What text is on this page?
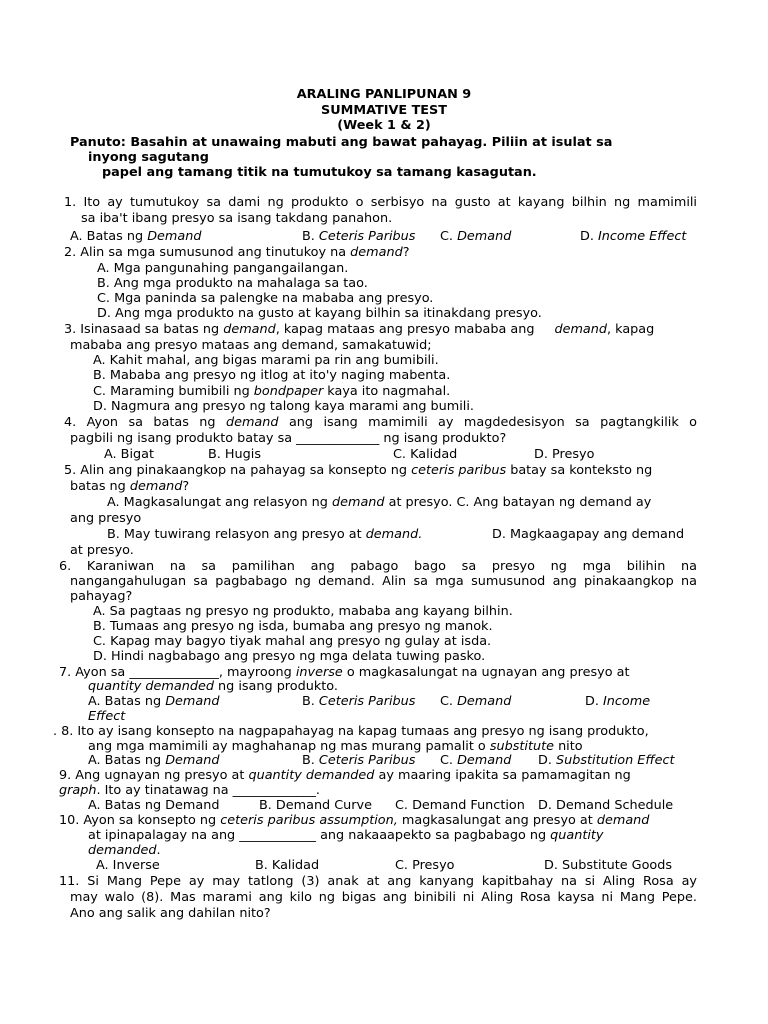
ARALING PANLIPUNAN 9
SUMMATIVE TEST
(Week 1 & 2)
Panuto: Basahin at unawaing mabuti ang bawat pahayag. Piliin at isulat sa
inyong sagutang
papel ang tamang titik na tumutukoy sa tamang kasagutan.
1. Ito ay tumutukoy sa dami ng produkto o serbisyo na gusto at kayang bilhin ng mamimili
sa iba't ibang presyo sa isang takdang panahon.
A. Batas ng Demand	B. Ceteris Paribus C. Demand	D. Income Effect
2. Alin sa mga sumusunod ang tinutukoy na demand?
A. Mga pangunahing pangangailangan.
B. Ang mga produkto na mahalaga sa tao.
C. Mga paninda sa palengke na mababa ang presyo.
D. Ang mga produkto na gusto at kayang bilhin sa itinakdang presyo.
3. Isinasaad sa batas ng demand, kapag mataas ang presyo mababa ang demand, kapag
mababa ang presyo mataas ang demand, samakatuwid;
A. Kahit mahal, ang bigas marami pa rin ang bumibili.
B. Mababa ang presyo ng itlog at ito'y naging mabenta.
C. Maraming bumibili ng bondpaper kaya ito nagmahal.
D. Nagmura ang presyo ng talong kaya marami ang bumili.
4. Ayon sa batas ng demand ang isang mamimili ay magdedesisyon sa pagtangkilik o
pagbili ng isang produkto batay sa _____________ ng isang produkto?
A. Bigat	B. Hugis	C. Kalidad	D. Presyo
5. Alin ang pinakaangkop na pahayag sa konsepto ng ceteris paribus batay sa konteksto ng
batas ng demand?
A. Magkasalungat ang relasyon ng demand at presyo. C. Ang batayan ng demand ay
ang presyo
B. May tuwirang relasyon ang presyo at demand.	D. Magkaagapay ang demand
at presyo.
6. Karaniwan na sa pamilihan ang pabago bago sa presyo ng mga bilihin na
nangangahulugan sa pagbabago ng demand. Alin sa mga sumusunod ang pinakaangkop na
pahayag?
A. Sa pagtaas ng presyo ng produkto, mababa ang kayang bilhin.
B. Tumaas ang presyo ng isda, bumaba ang presyo ng manok.
C. Kapag may bagyo tiyak mahal ang presyo ng gulay at isda.
D. Hindi nagbabago ang presyo ng mga delata tuwing pasko.
7. Ayon sa ______________, mayroong inverse o magkasalungat na ugnayan ang presyo at
quantity demanded ng isang produkto.
A. Batas ng Demand	B. Ceteris Paribus C. Demand	D. Income
Effect
. 8. Ito ay isang konsepto na nagpapahayag na kapag tumaas ang presyo ng isang produkto,
ang mga mamimili ay maghahanap ng mas murang pamalit o substitute nito
A. Batas ng Demand	B. Ceteris Paribus C. Demand D. Substitution Effect
9. Ang ugnayan ng presyo at quantity demanded ay maaring ipakita sa pamamagitan ng
graph. Ito ay tinatawag na _____________.
A. Batas ng Demand	B. Demand Curve C. Demand Function D. Demand Schedule
10. Ayon sa konsepto ng ceteris paribus assumption, magkasalungat ang presyo at demand
at ipinapalagay na ang ____________ ang nakaaapekto sa pagbabago ng quantity
demanded.
A. Inverse	B. Kalidad	C. Presyo	D. Substitute Goods
11. Si Mang Pepe ay may tatlong (3) anak at ang kanyang kapitbahay na si Aling Rosa ay
may walo (8). Mas marami ang kilo ng bigas ang binibili ni Aling Rosa kaysa ni Mang Pepe.
Ano ang salik ang dahilan nito?
